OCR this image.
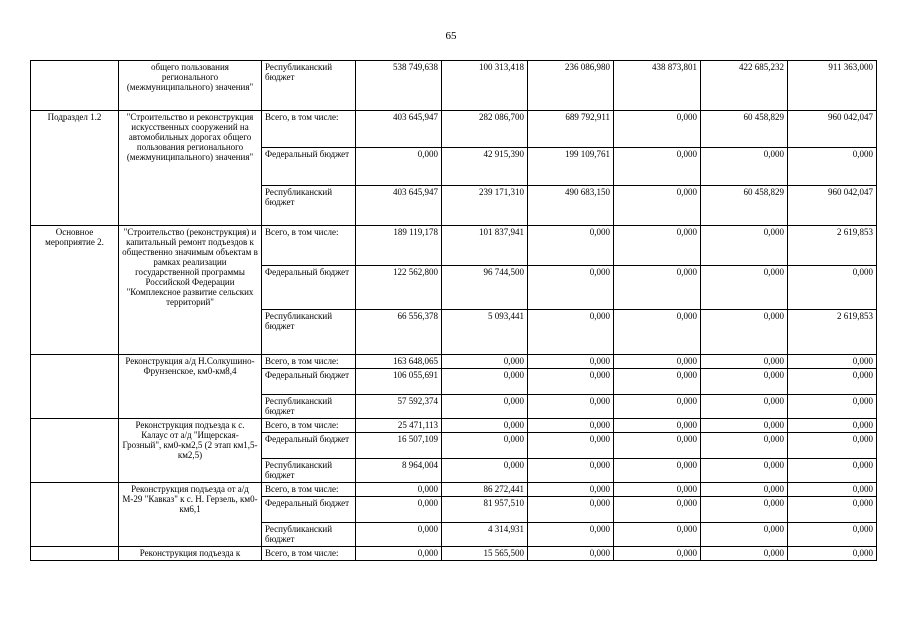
65
	общего пользования регионального (межмуниципального) значения"	Республиканский бюджет	538 749,638	100 313,418	236 086,980	438 873,801	422 685,232	911 363,000
Подраздел 1.2	"Строительство и реконструкция искусственных сооружений на автомобильных дорогах общего пользования регионального (межмуниципального) значения"	Всего, в том числе:	403 645,947	282 086,700	689 792,911	0,000	60 458,829	960 042,047
		Федеральный бюджет	0,000	42 915,390	199 109,761	0,000	0,000	0,000
		Республиканский бюджет	403 645,947	239 171,310	490 683,150	0,000	60 458,829	960 042,047
Основное мероприятие 2.	"Строительство (реконструкция) и капитальный ремонт подъездов к общественно значимым объектам в рамках реализации государственной программы Российской Федерации "Комплексное развитие сельских территорий"	Всего, в том числе:	189 119,178	101 837,941	0,000	0,000	0,000	2 619,853
		Федеральный бюджет	122 562,800	96 744,500	0,000	0,000	0,000	0,000
		Республиканский бюджет	66 556,378	5 093,441	0,000	0,000	0,000	2 619,853
	Реконструкция а/д Н.Солкушино-Фрунзенское, км0-км8,4	Всего, в том числе:	163 648,065	0,000	0,000	0,000	0,000	0,000
		Федеральный бюджет	106 055,691	0,000	0,000	0,000	0,000	0,000
		Республиканский бюджет	57 592,374	0,000	0,000	0,000	0,000	0,000
	Реконструкция подъезда к с. Калаус от а/д "Ищерская-Грозный", км0-км2,5 (2 этап км1,5-км2,5)	Всего, в том числе:	25 471,113	0,000	0,000	0,000	0,000	0,000
		Федеральный бюджет	16 507,109	0,000	0,000	0,000	0,000	0,000
		Республиканский бюджет	8 964,004	0,000	0,000	0,000	0,000	0,000
	Реконструкция подъезда от а/д М-29 "Кавказ" к с. Н. Герзель, км0-км6,1	Всего, в том числе:	0,000	86 272,441	0,000	0,000	0,000	0,000
		Федеральный бюджет	0,000	81 957,510	0,000	0,000	0,000	0,000
		Республиканский бюджет	0,000	4 314,931	0,000	0,000	0,000	0,000
	Реконструкция подъезда к	Всего, в том числе:	0,000	15 565,500	0,000	0,000	0,000	0,000
